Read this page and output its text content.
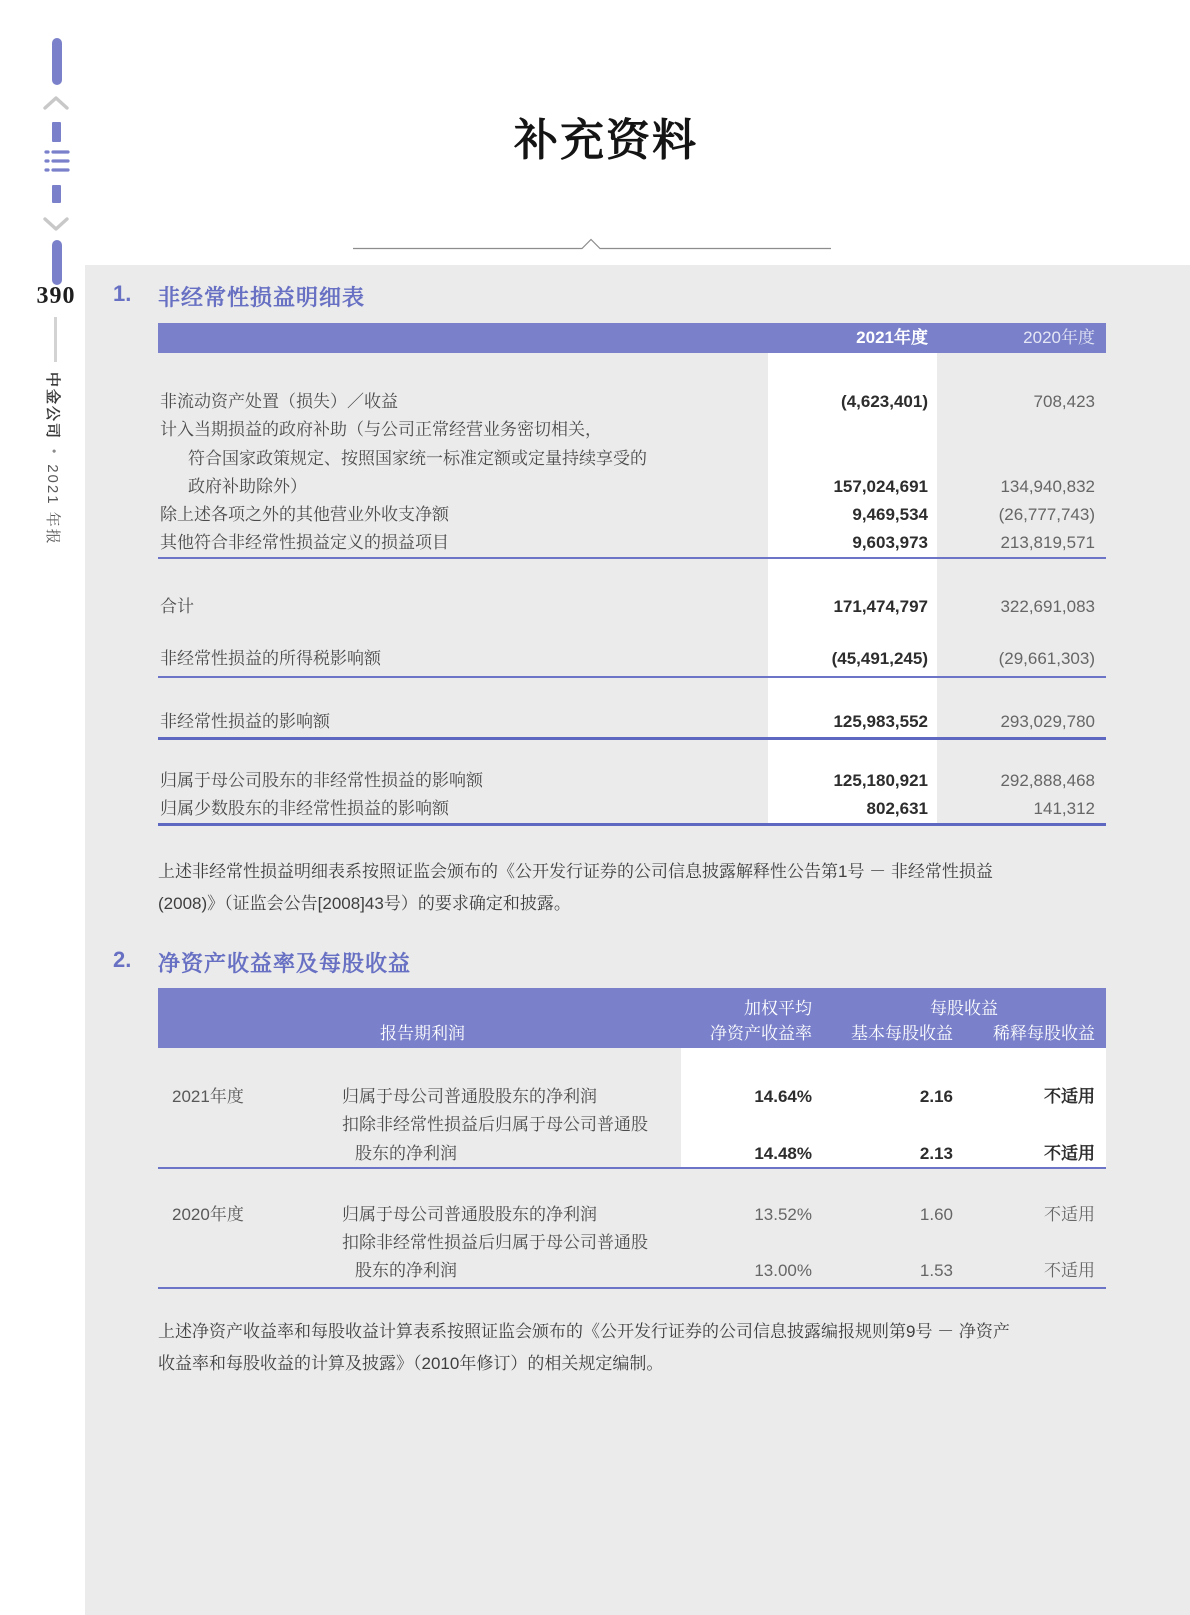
390
中金公司•2021 年报
补充资料
1.	非经常性损益明细表
2021年度	2020年度
非流动资产处置（损失）／收益	(4,623,401)	708,423
计入当期损益的政府补助（与公司正常经营业务密切相关，
符合国家政策规定、按照国家统一标准定额或定量持续享受的
政府补助除外）	157,024,691	134,940,832
除上述各项之外的其他营业外收支净额	9,469,534	(26,777,743)
其他符合非经常性损益定义的损益项目	9,603,973	213,819,571
合计	171,474,797	322,691,083
非经常性损益的所得税影响额	(45,491,245)	(29,661,303)
非经常性损益的影响额	125,983,552	293,029,780
归属于母公司股东的非经常性损益的影响额	125,180,921	292,888,468
归属少数股东的非经常性损益的影响额	802,631	141,312
上述非经常性损益明细表系按照证监会颁布的《公开发行证券的公司信息披露解释性公告第1号 － 非经常性损益
(2008)》（证监会公告[2008]43号）的要求确定和披露。
2.	净资产收益率及每股收益
加权平均	每股收益
报告期利润	净资产收益率	基本每股收益	稀释每股收益
2021年度	归属于母公司普通股股东的净利润	14.64%	2.16	不适用
扣除非经常性损益后归属于母公司普通股
股东的净利润	14.48%	2.13	不适用
2020年度	归属于母公司普通股股东的净利润	13.52%	1.60	不适用
扣除非经常性损益后归属于母公司普通股
股东的净利润	13.00%	1.53	不适用
上述净资产收益率和每股收益计算表系按照证监会颁布的《公开发行证券的公司信息披露编报规则第9号 － 净资产
收益率和每股收益的计算及披露》（2010年修订）的相关规定编制。
